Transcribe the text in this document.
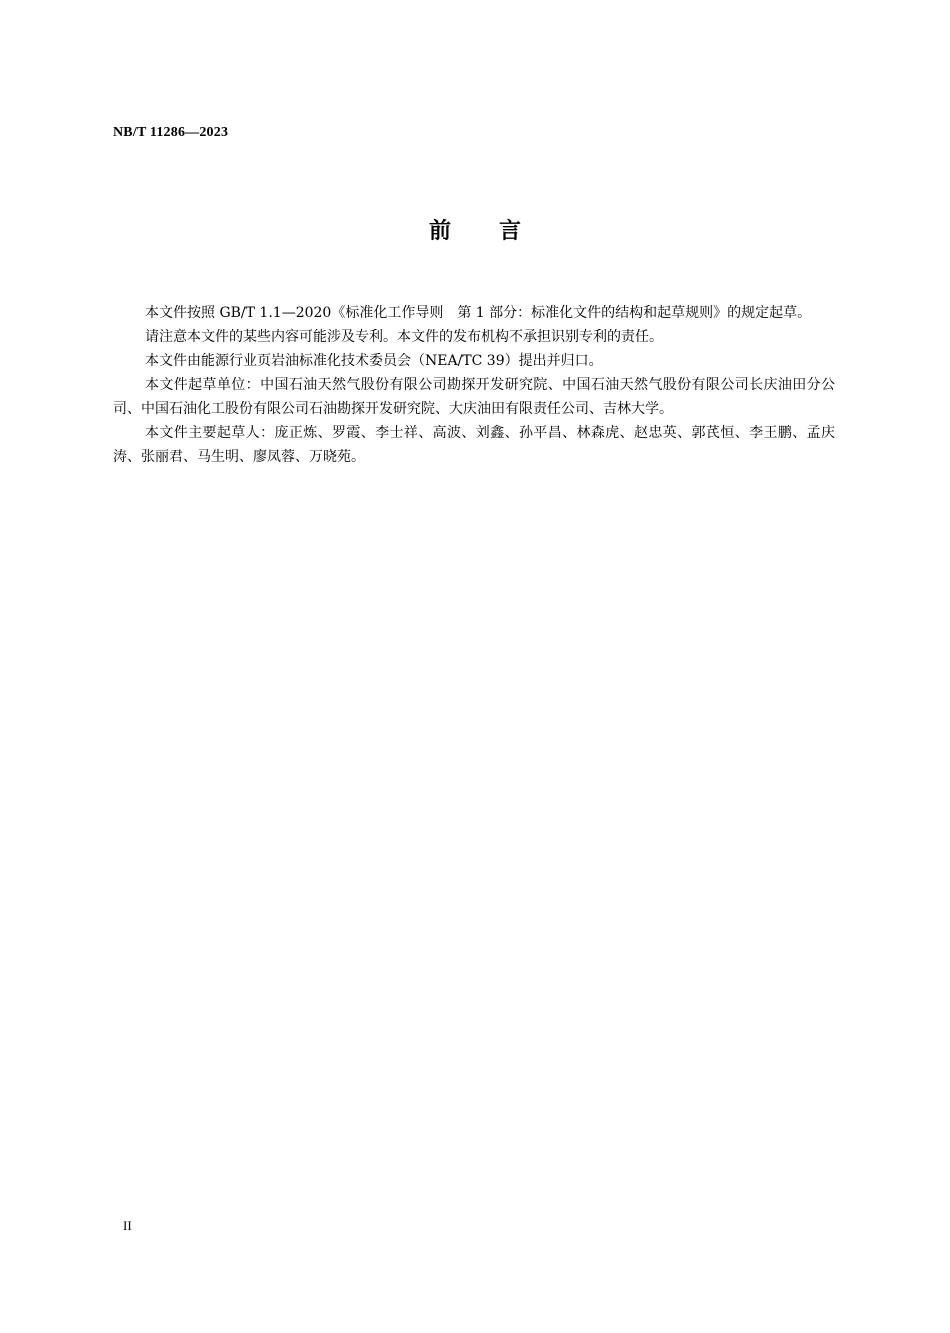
NB/T 11286—2023
前言

本文件按照 GB/T 1.1—2020《标准化工作导则　第 1 部分：标准化文件的结构和起草规则》的规定起草。

请注意本文件的某些内容可能涉及专利。本文件的发布机构不承担识别专利的责任。

本文件由能源行业页岩油标准化技术委员会（NEA/TC 39）提出并归口。

本文件起草单位：中国石油天然气股份有限公司勘探开发研究院、中国石油天然气股份有限公司长庆油田分公司、中国石油化工股份有限公司石油勘探开发研究院、大庆油田有限责任公司、吉林大学。

本文件主要起草人：庞正炼、罗霞、李士祥、高波、刘鑫、孙平昌、林森虎、赵忠英、郭芪恒、李王鹏、孟庆涛、张丽君、马生明、廖凤蓉、万晓苑。

II
